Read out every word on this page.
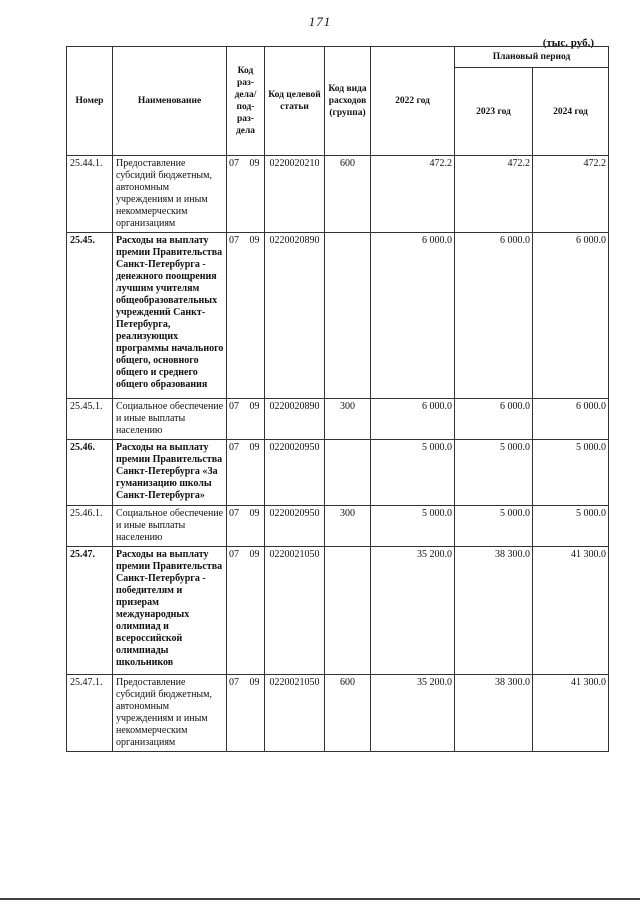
171
(тыс. руб.)
Номер	Наименование	Код раз-дела/ под-раз-дела	Код целевой статьи	Код вида расходов (группа)	2022 год	Плановый период	
						2023 год	2024 год
25.44.1.	Предоставление субсидий бюджетным, автономным учреждениям и иным некоммерческим организациям	07 09	0220020210	600	472.2	472.2	472.2
25.45.	Расходы на выплату премии Правительства Санкт-Петербурга - денежного поощрения лучшим учителям общеобразовательных учреждений Санкт-Петербурга, реализующих программы начального общего, основного общего и среднего общего образования	07 09	0220020890		6 000.0	6 000.0	6 000.0
25.45.1.	Социальное обеспечение и иные выплаты населению	07 09	0220020890	300	6 000.0	6 000.0	6 000.0
25.46.	Расходы на выплату премии Правительства Санкт-Петербурга «За гуманизацию школы Санкт-Петербурга»	07 09	0220020950		5 000.0	5 000.0	5 000.0
25.46.1.	Социальное обеспечение и иные выплаты населению	07 09	0220020950	300	5 000.0	5 000.0	5 000.0
25.47.	Расходы на выплату премии Правительства Санкт-Петербурга - победителям и призерам международных олимпиад и всероссийской олимпиады школьников	07 09	0220021050		35 200.0	38 300.0	41 300.0
25.47.1.	Предоставление субсидий бюджетным, автономным учреждениям и иным некоммерческим организациям	07 09	0220021050	600	35 200.0	38 300.0	41 300.0
